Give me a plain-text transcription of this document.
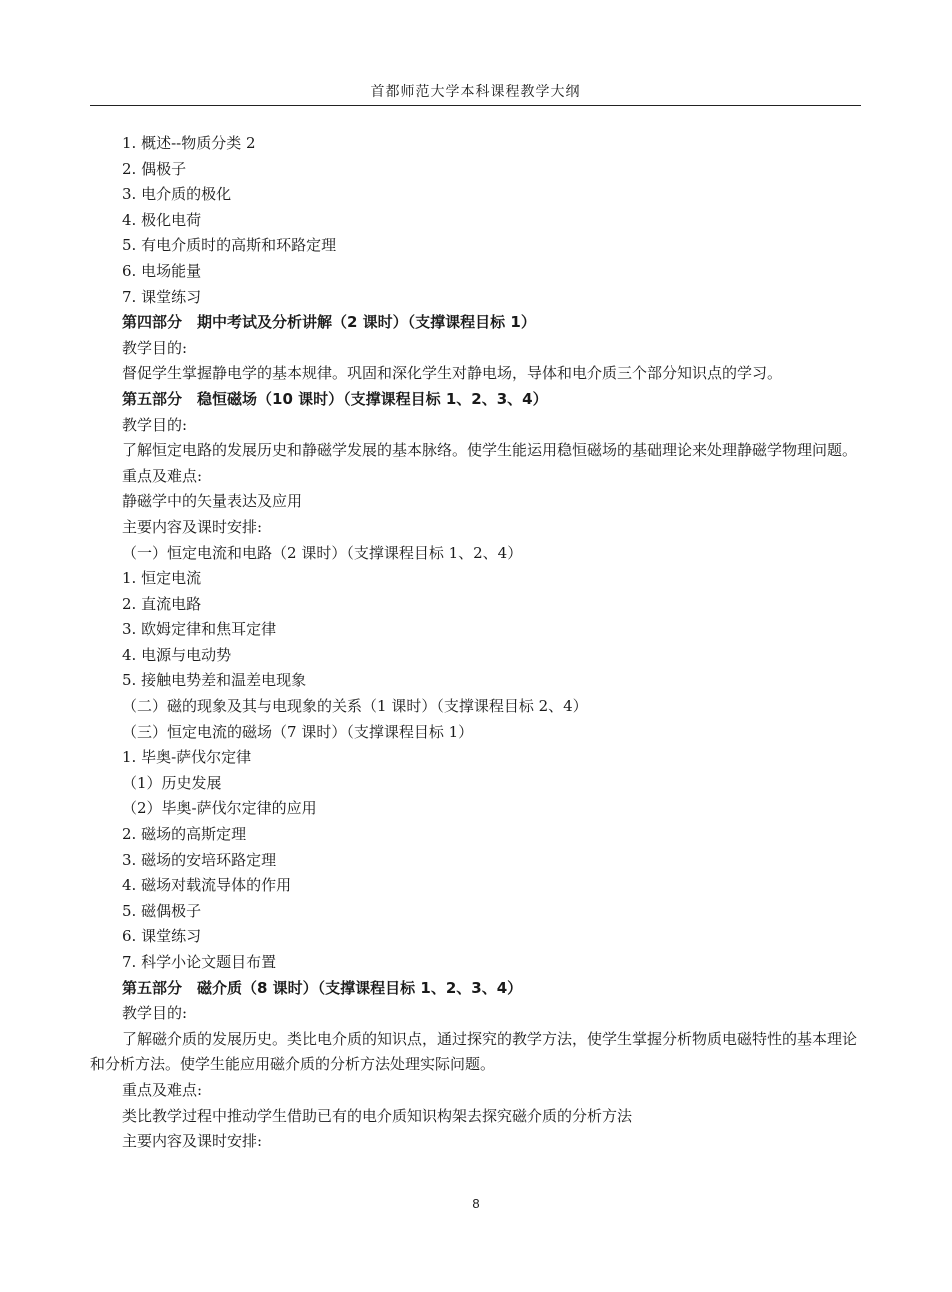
首都师范大学本科课程教学大纲
1. 概述--物质分类 2
2. 偶极子
3. 电介质的极化
4. 极化电荷
5. 有电介质时的高斯和环路定理
6. 电场能量
7. 课堂练习
第四部分　期中考试及分析讲解（2 课时）（支撑课程目标 1）
教学目的:
督促学生掌握静电学的基本规律。巩固和深化学生对静电场，导体和电介质三个部分知识点的学习。
第五部分　稳恒磁场（10 课时）（支撑课程目标 1、2、3、4）
教学目的:
了解恒定电路的发展历史和静磁学发展的基本脉络。使学生能运用稳恒磁场的基础理论来处理静磁学物理问题。
重点及难点:
静磁学中的矢量表达及应用
主要内容及课时安排:
（一）恒定电流和电路（2 课时）（支撑课程目标 1、2、4）
1. 恒定电流
2. 直流电路
3. 欧姆定律和焦耳定律
4. 电源与电动势
5. 接触电势差和温差电现象
（二）磁的现象及其与电现象的关系（1 课时）（支撑课程目标 2、4）
（三）恒定电流的磁场（7 课时）（支撑课程目标 1）
1. 毕奥-萨伐尔定律
（1）历史发展
（2）毕奥-萨伐尔定律的应用
2. 磁场的高斯定理
3. 磁场的安培环路定理
4. 磁场对载流导体的作用
5. 磁偶极子
6. 课堂练习
7. 科学小论文题目布置
第五部分　磁介质（8 课时）（支撑课程目标 1、2、3、4）
教学目的:
了解磁介质的发展历史。类比电介质的知识点，通过探究的教学方法，使学生掌握分析物质电磁特性的基本理论和分析方法。使学生能应用磁介质的分析方法处理实际问题。
重点及难点:
类比教学过程中推动学生借助已有的电介质知识构架去探究磁介质的分析方法
主要内容及课时安排:
8
